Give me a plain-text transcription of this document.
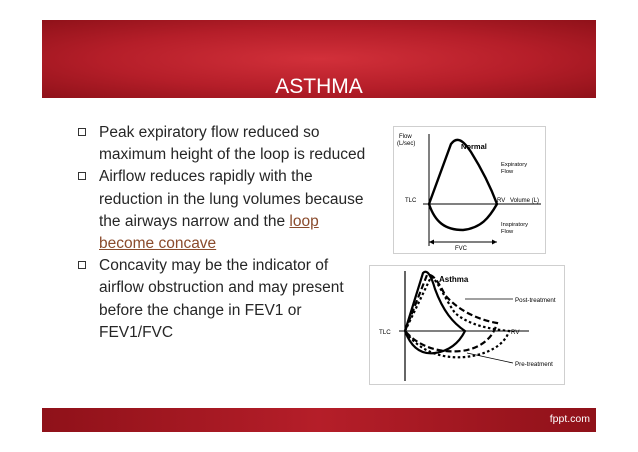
ASTHMA
Peak expiratory flow reduced so maximum height of the loop is reduced
Airflow reduces rapidly with the reduction in the lung volumes because the airways narrow and the loop become concave
Concavity may be the indicator of airflow obstruction and may present before the change in FEV1 or FEV1/FVC
Flow
(L/sec)	Normal
Expiratory
Flow
TLC	RV Volume (L)
Inspiratory
Flow
FVC
Asthma
Post-treatment
RV
Pre-treatment
TLC
fppt.com
